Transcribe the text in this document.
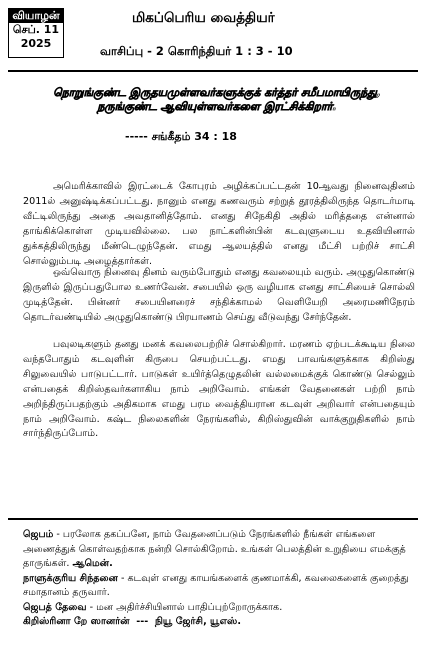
வியாழன்
செப். 11
2025
மிகப்பெரிய வைத்தியர்
வாசிப்பு - 2 கொரிந்தியர் 1 : 3 - 10
நொறுங்குண்ட இருதயமுள்ளவர்களுக்குக் கர்த்தர் சமீபமாயிருந்து, நருங்குண்ட ஆவியுள்ளவர்களை இரட்சிக்கிறார்.
----- சங்கீதம் 34 : 18

அமெரிக்காவில் இரட்டைக் கோபுரம் அழிக்கப்பட்டதன் 10ஆவது நினைவுதினம் 2011ல் அனுஷ்டிக்கப்பட்டது. நானும் எனது கணவரும் சற்றுத் தூரத்திலிருந்த தொடர்மாடி வீட்டிலிருந்து அதை அவதானித்தோம். எனது சிநேகிதி அதில் மரித்ததை என்னால் தாங்கிக்கொள்ள முடியவில்லை. பல நாட்களின்பின் கடவுளுடைய உதவியினால் துக்கத்திலிருந்து மீண்டெழுந்தேன். எமது ஆலயத்தில் எனது மீட்சி பற்றிச் சாட்சி சொல்லும்படி அழைத்தார்கள்.

ஒவ்வொரு நினைவு தினம் வரும்போதும் எனது கவலையும் வரும். அழுதுகொண்டு இருளில் இருப்பதுபோல உணர்வேன். சபையில் ஒரு வழியாக எனது சாட்சியைச் சொல்லி முடித்தேன். பின்னர் சபையினரைச் சந்திக்காமல் வெளியேறி அரைமணிநேரம் தொடர்வண்டியில் அழுதுகொண்டு பிரயாணம் செய்து வீடுவந்து சேர்ந்தேன்.

பவுலடிகளும் தனது மனக் கவலைபற்றிச் சொல்கிறார். மரணம் ஏற்படக்கூடிய நிலை வந்தபோதும் கடவுளின் கிருபை செயற்பட்டது. எமது பாவங்களுக்காக கிறிஸ்து சிலுவையில் பாடுபட்டார். பாடுகள் உயிர்த்தெழுதலின் வல்லமைக்குக் கொண்டு செல்லும் என்பதைக் கிறிஸ்தவர்களாகிய நாம் அறிவோம். எங்கள் வேதனைகள் பற்றி நாம் அறிந்திருப்பதற்கும் அதிகமாக எமது பரம வைத்தியரான கடவுள் அறிவார் என்பதையும் நாம் அறிவோம். கஷ்ட நிலைகளின் நேரங்களில், கிறிஸ்துவின் வாக்குறுதிகளில் நாம் சார்ந்திருப்போம்.

ஜெபம் - பரலோக தகப்பனே, நாம் வேதனைப்படும் நேரங்களில் நீங்கள் எங்களை அணைத்துக் கொள்வதற்காக நன்றி சொல்கிறோம். உங்கள் பெலத்தின் உறுதியை எமக்குத் தாருங்கள். ஆமென்.
நாளுக்குரிய சிந்தனை - கடவுள் எனது காயங்களைக் குணமாக்கி, கவலைகளைக் குறைத்து சமாதானம் தருவார்.
ஜெபத் தேவை - மன அதிர்ச்சியினால் பாதிப்புற்றோருக்காக.
கிறிஸ்ரினா றே ஸானர்ன் --- நியூ ஜேர்சி, யூஎஸ்.
